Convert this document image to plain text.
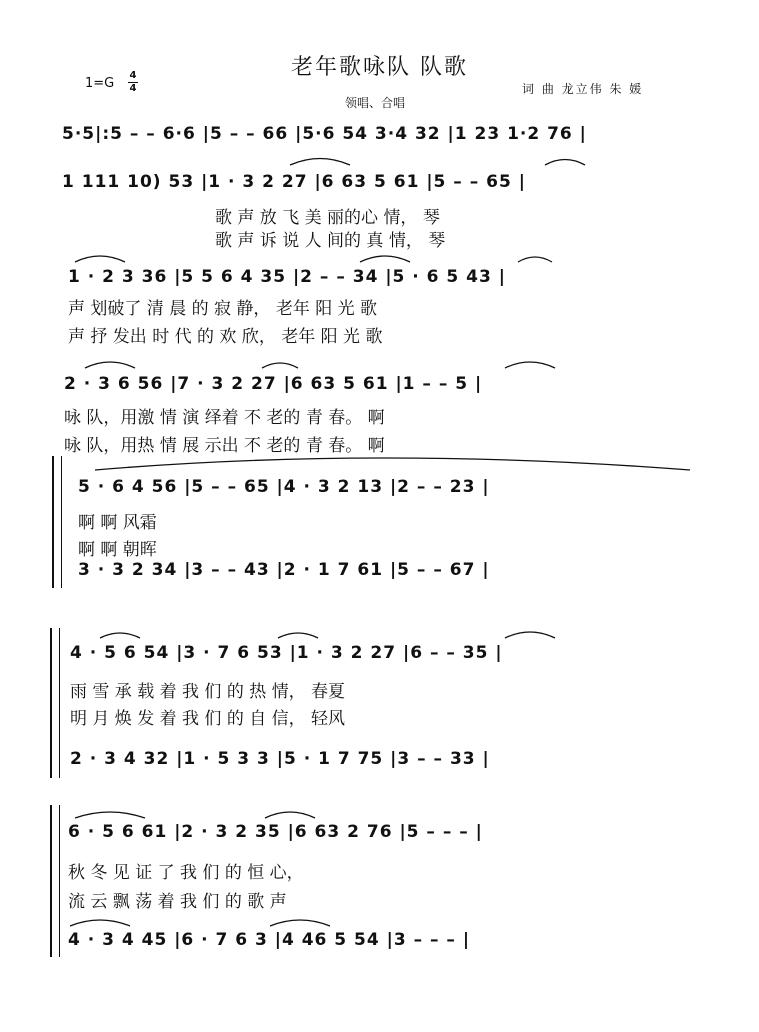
老年歌咏队 队歌
1=G
4
4
领唱、合唱
词 曲 龙立伟 朱 媛
5·5|:5 – – 6·6 |5 – – 66 |5·6 54 3·4 32 |1 23 1·2 76 |
1 111 10) 53 |1 · 3 2 27 |6 63 5 61 |5 – – 65 |
歌 声 放 飞 美 丽的心 情， 琴
歌 声 诉 说 人 间的 真 情， 琴
1 · 2 3 36 |5 5 6 4 35 |2 – – 34 |5 · 6 5 43 |
声 划破了 清 晨 的 寂 静， 老年 阳 光 歌
声 抒 发出 时 代 的 欢 欣， 老年 阳 光 歌
2 · 3 6 56 |7 · 3 2 27 |6 63 5 61 |1 – – 5 |
咏 队，用激 情 演 绎着 不 老的 青 春。 啊
咏 队，用热 情 展 示出 不 老的 青 春。 啊
5 · 6 4 56 |5 – – 65 |4 · 3 2 13 |2 – – 23 |
啊 啊 风霜
啊 啊 朝晖
3 · 3 2 34 |3 – – 43 |2 · 1 7 61 |5 – – 67 |
4 · 5 6 54 |3 · 7 6 53 |1 · 3 2 27 |6 – – 35 |
雨 雪 承 载 着 我 们 的 热 情， 春夏
明 月 焕 发 着 我 们 的 自 信， 轻风
2 · 3 4 32 |1 · 5 3 3 |5 · 1 7 75 |3 – – 33 |
6 · 5 6 61 |2 · 3 2 35 |6 63 2 76 |5 – – – |
秋 冬 见 证 了 我 们 的 恒 心，
流 云 飘 荡 着 我 们 的 歌 声
4 · 3 4 45 |6 · 7 6 3 |4 46 5 54 |3 – – – |
